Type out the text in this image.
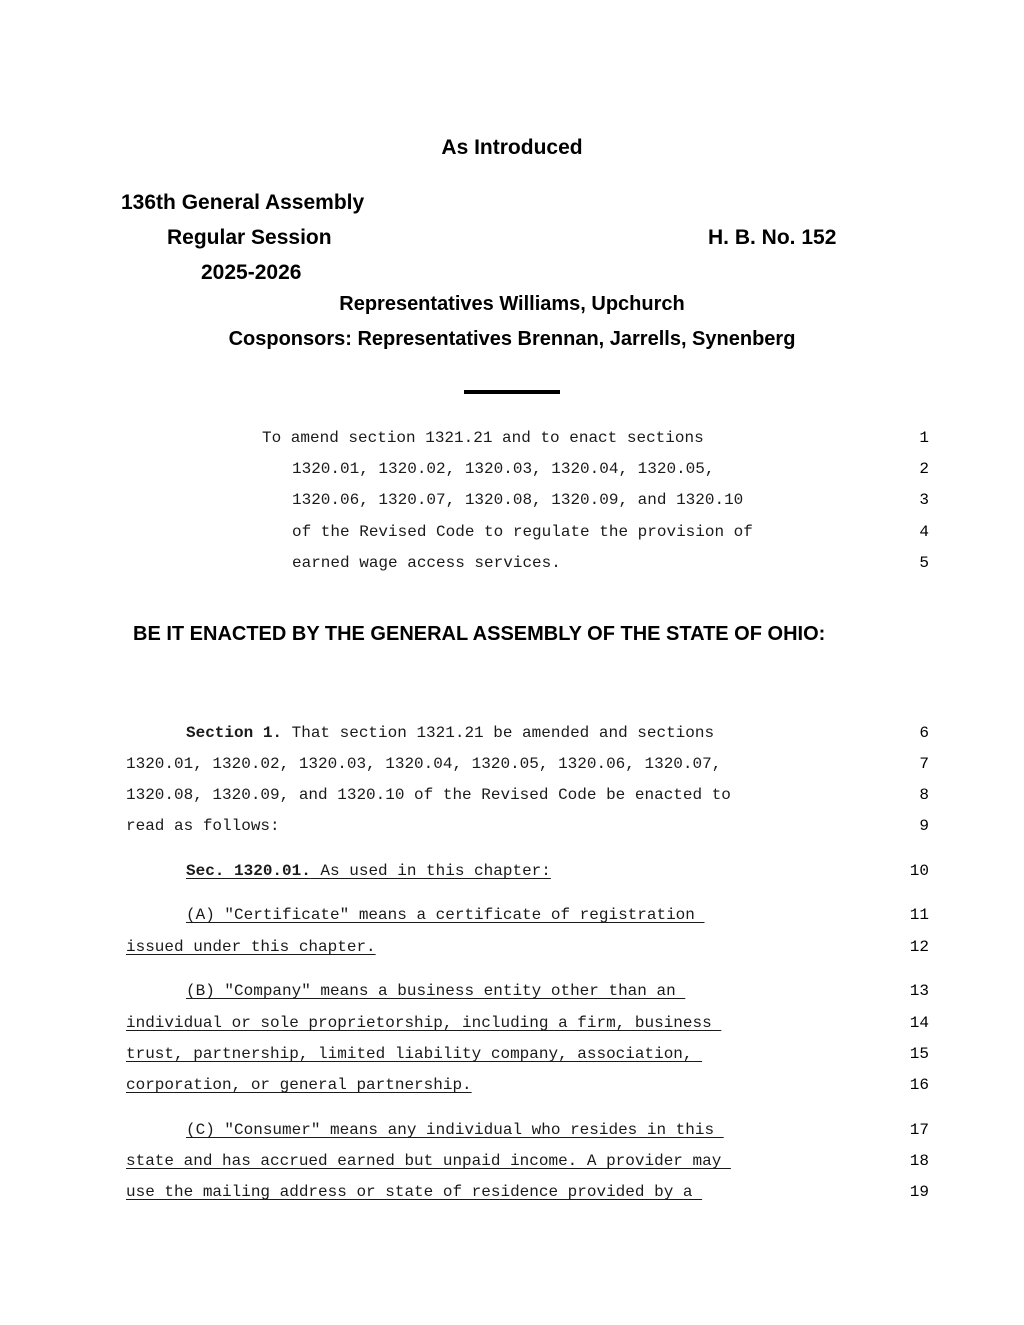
As Introduced
136th General Assembly
Regular Session	H. B. No. 152
2025-2026
Representatives Williams, Upchurch
Cosponsors: Representatives Brennan, Jarrells, Synenberg
To amend section 1321.21 and to enact sections	1
1320.01, 1320.02, 1320.03, 1320.04, 1320.05,	2
1320.06, 1320.07, 1320.08, 1320.09, and 1320.10	3
of the Revised Code to regulate the provision of	4
earned wage access services.	5
BE IT ENACTED BY THE GENERAL ASSEMBLY OF THE STATE OF OHIO:
Section 1. That section 1321.21 be amended and sections	6
1320.01, 1320.02, 1320.03, 1320.04, 1320.05, 1320.06, 1320.07,	7
1320.08, 1320.09, and 1320.10 of the Revised Code be enacted to	8
read as follows:	9
Sec. 1320.01. As used in this chapter:	10
(A) "Certificate" means a certificate of registration	11
issued under this chapter.	12
(B) "Company" means a business entity other than an	13
individual or sole proprietorship, including a firm, business	14
trust, partnership, limited liability company, association,	15
corporation, or general partnership.	16
(C) "Consumer" means any individual who resides in this	17
state and has accrued earned but unpaid income. A provider may	18
use the mailing address or state of residence provided by a	19
